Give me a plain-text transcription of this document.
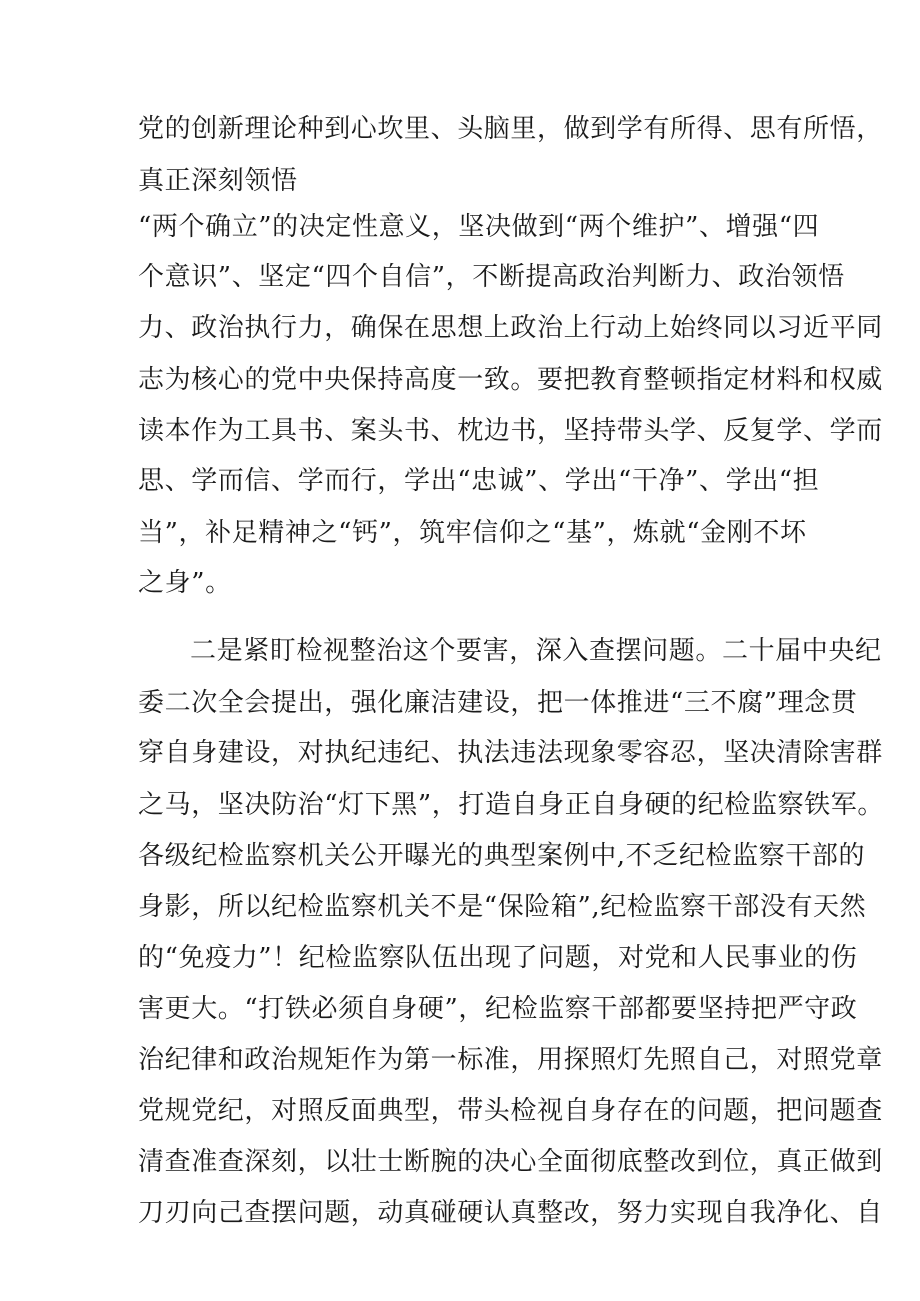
党的创新理论种到心坎里、头脑里，做到学有所得、思有所悟，
真正深刻领悟
“两个确立”的决定性意义，坚决做到“两个维护”、增强“四
个意识”、坚定“四个自信”，不断提高政治判断力、政治领悟
力、政治执行力，确保在思想上政治上行动上始终同以习近平同
志为核心的党中央保持高度一致。要把教育整顿指定材料和权威
读本作为工具书、案头书、枕边书，坚持带头学、反复学、学而
思、学而信、学而行，学出“忠诚”、学出“干净”、学出“担
当”，补足精神之“钙”，筑牢信仰之“基”，炼就“金刚不坏
之身”。
二是紧盯检视整治这个要害，深入查摆问题。二十届中央纪
委二次全会提出，强化廉洁建设，把一体推进“三不腐”理念贯
穿自身建设，对执纪违纪、执法违法现象零容忍，坚决清除害群
之马，坚决防治“灯下黑”，打造自身正自身硬的纪检监察铁军。
各级纪检监察机关公开曝光的典型案例中,不乏纪检监察干部的
身影，所以纪检监察机关不是“保险箱”,纪检监察干部没有天然
的“免疫力”！纪检监察队伍出现了问题，对党和人民事业的伤
害更大。“打铁必须自身硬”，纪检监察干部都要坚持把严守政
治纪律和政治规矩作为第一标准，用探照灯先照自己，对照党章
党规党纪，对照反面典型，带头检视自身存在的问题，把问题查
清查准查深刻，以壮士断腕的决心全面彻底整改到位，真正做到
刀刃向己查摆问题，动真碰硬认真整改，努力实现自我净化、自
